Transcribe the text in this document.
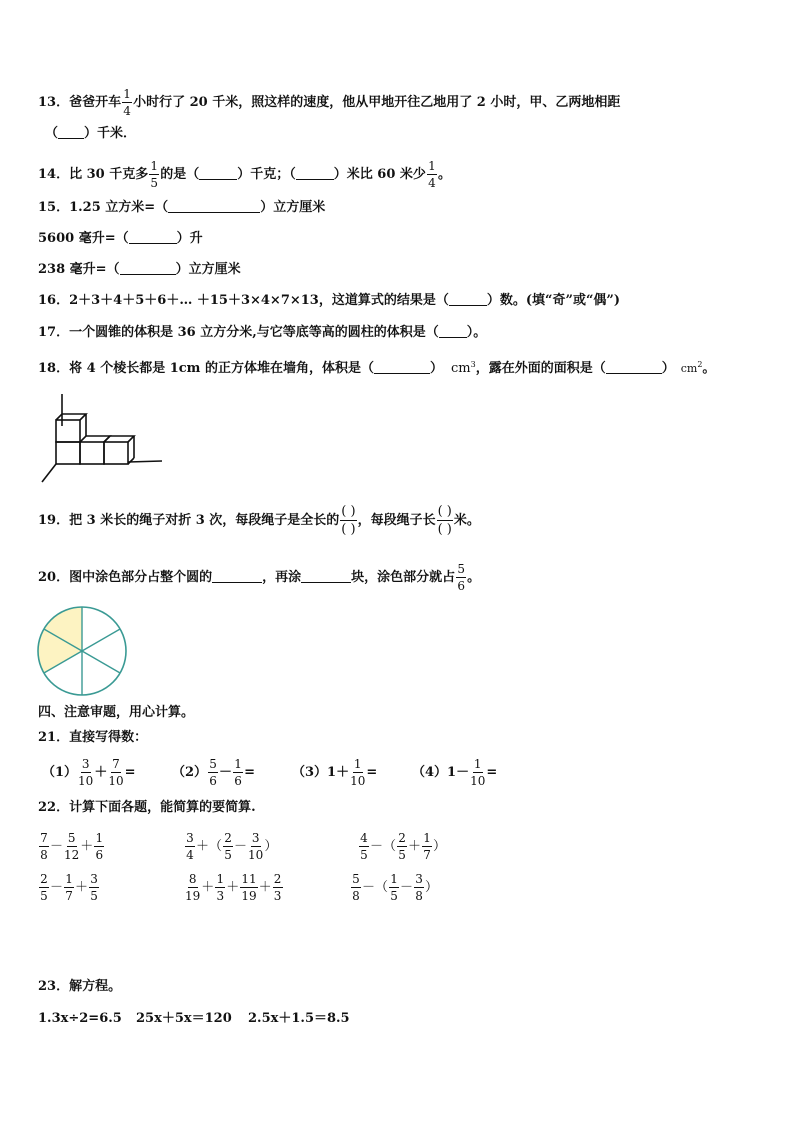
13．爸爸开车 $\frac{1}{4}$ 小时行了 20 千米，照这样的速度，他从甲地开往乙地用了 2 小时，甲、乙两地相距
（ ）千米．
14．比 30 千克多 $\frac{1}{5}$ 的是（	）千克；（	）米比 60 米少 $\frac{1}{4}$ 。
15．1.25 立方米=（	）立方厘米
5600 毫升=（	）升
238 毫升=（	）立方厘米
16．2＋3＋4＋5＋6＋… ＋15＋3×4×7×13，这道算式的结果是（	）数。(填“奇”或“偶”)
17．一个圆锥的体积是 36 立方分米,与它等底等高的圆柱的体积是（ ）。
18．将 4 个棱长都是 1cm 的正方体堆在墙角，体积是（	） $cm^3$，露在外面的面积是（	） $cm^2$。
19．把 3 米长的绳子对折 3 次，每段绳子是全长的 $\frac{( )}{( )}$ ，每段绳子长 $\frac{( )}{( )}$ 米。
20．图中涂色部分占整个圆的	，再涂	块，涂色部分就占 $\frac{5}{6}$ 。
四、注意审题，用心计算。
21．直接写得数：
$(1) \frac{3}{10} + \frac{7}{10}$ =	$(2) \frac{5}{6} - \frac{1}{6}$ =	$(3)1+ \frac{1}{10}$ =	$(4)1- \frac{1}{10}$ =
22．计算下面各题，能简算的要简算.
$\frac{7}{8} - \frac{5}{12} + \frac{1}{6}$	$\frac{3}{4}$ ＋（ $\frac{2}{5} - \frac{3}{10}$ ）	$\frac{4}{5}$ －（ $\frac{2}{5} + \frac{1}{7}$ ）
$\frac{2}{5} - \frac{1}{7} + \frac{3}{5}$	$\frac{8}{19} + \frac{1}{3} + \frac{11}{19} + \frac{2}{3}$	$\frac{5}{8}$ －（ $\frac{1}{5} - \frac{3}{8}$ ）
23．解方程。
1.3x÷2=6.5 25x＋5x＝120 2.5x＋1.5＝8.5
